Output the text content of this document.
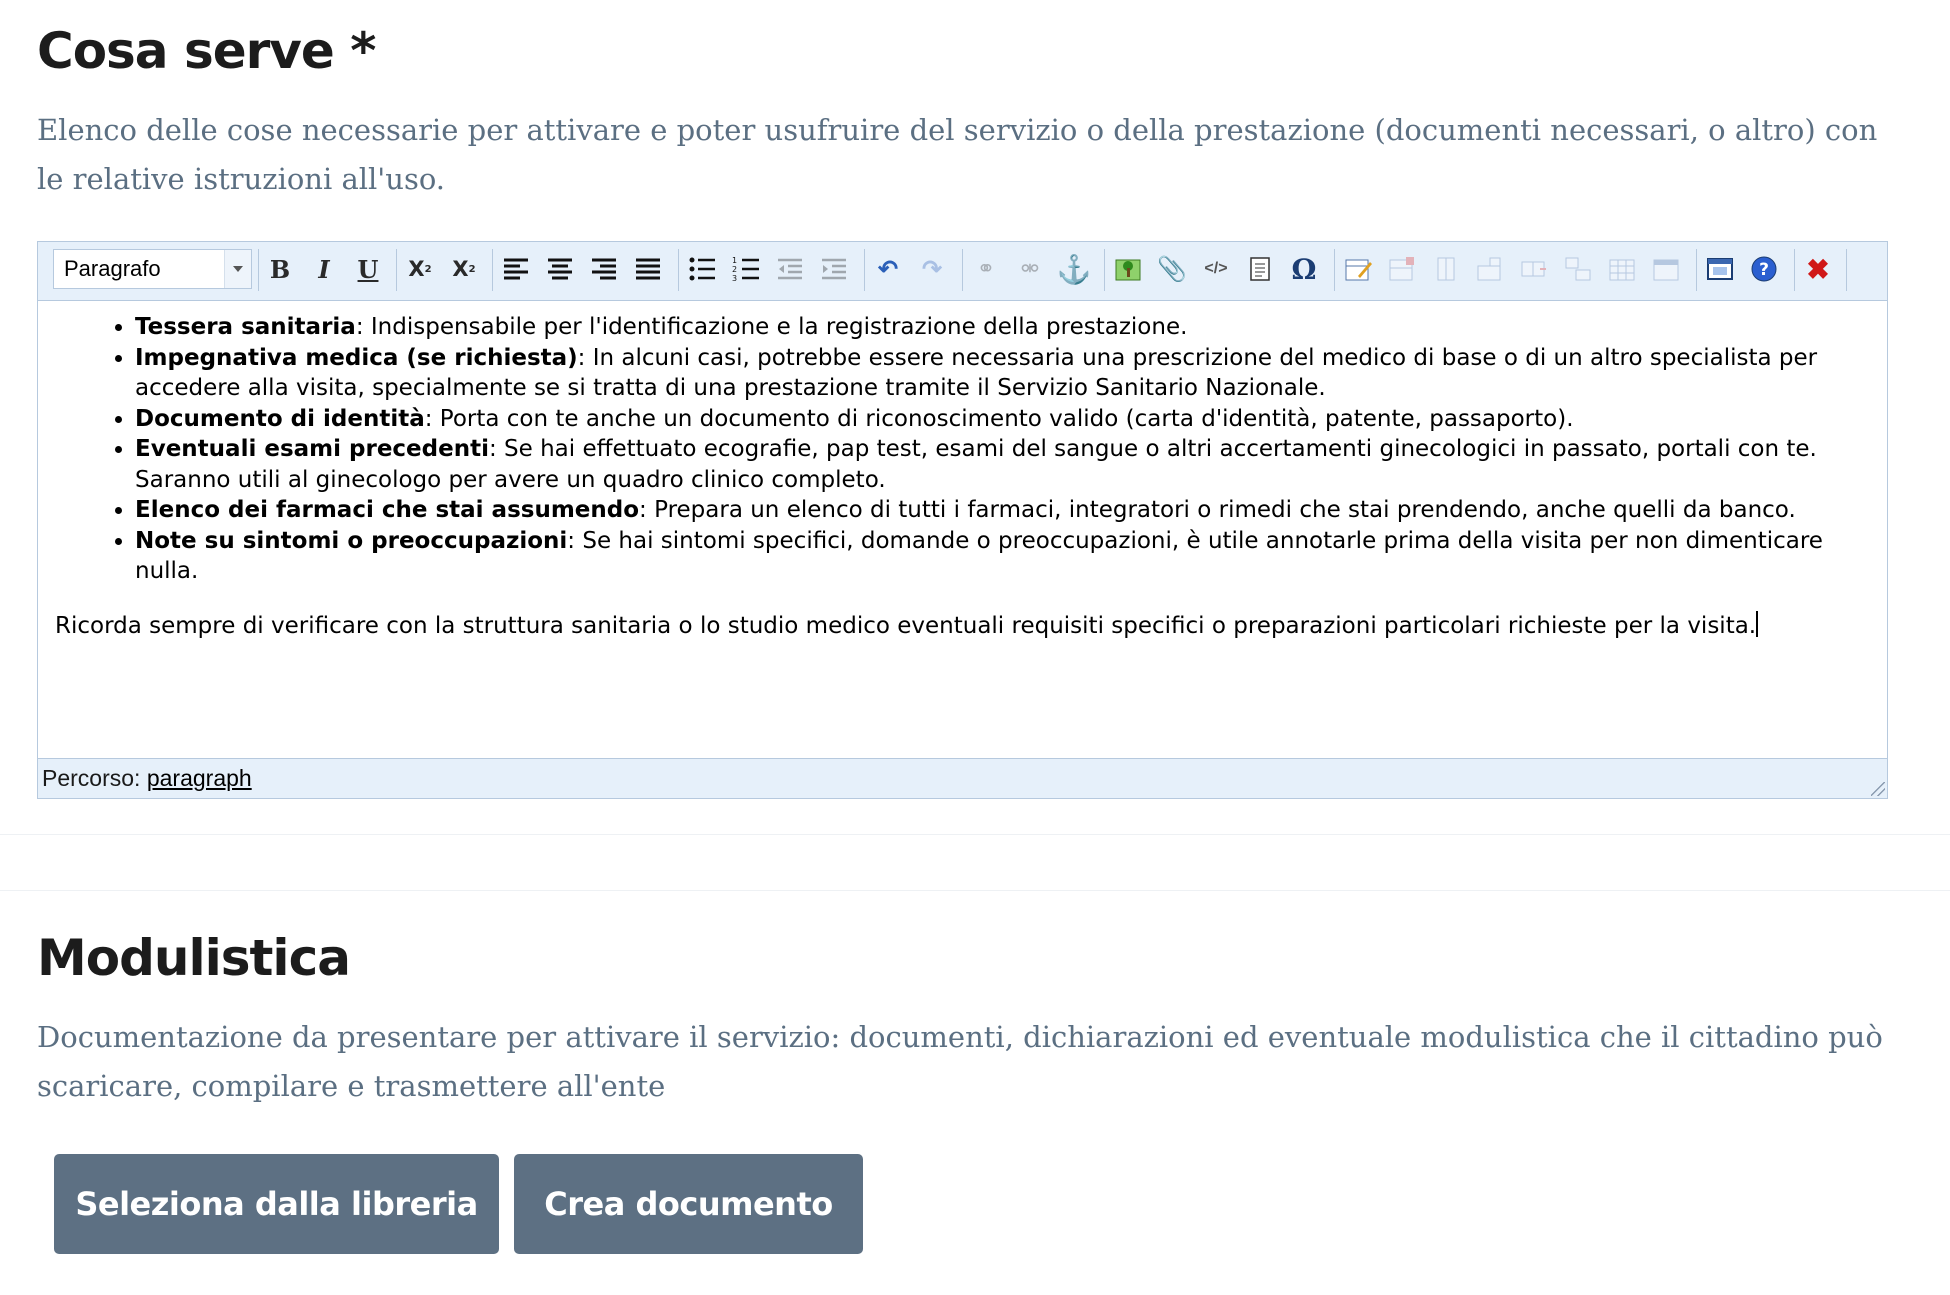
Cosa serve *

Elenco delle cose necessarie per attivare e poter usufruire del servizio o della prestazione (documenti necessari, o altro) con le relative istruzioni all'uso.

Paragrafo	B	I	U	X 2 X 2
1
2
3	↶ ↷	⚭	⚮ ⚓	📎	</> Ω	? ✖
• Tessera sanitaria: Indispensabile per l'identificazione e la registrazione della prestazione.
• Impegnativa medica (se richiesta): In alcuni casi, potrebbe essere necessaria una prescrizione del medico di base o di un altro specialista per accedere alla visita, specialmente se si tratta di una prestazione tramite il Servizio Sanitario Nazionale.
• Documento di identità: Porta con te anche un documento di riconoscimento valido (carta d'identità, patente, passaporto).
• Eventuali esami precedenti: Se hai effettuato ecografie, pap test, esami del sangue o altri accertamenti ginecologici in passato, portali con te. Saranno utili al ginecologo per avere un quadro clinico completo.
• Elenco dei farmaci che stai assumendo: Prepara un elenco di tutti i farmaci, integratori o rimedi che stai prendendo, anche quelli da banco.
• Note su sintomi o preoccupazioni: Se hai sintomi specifici, domande o preoccupazioni, è utile annotarle prima della visita per non dimenticare nulla.

Ricorda sempre di verificare con la struttura sanitaria o lo studio medico eventuali requisiti specifici o preparazioni particolari richieste per la visita.

Percorso: paragraph
Modulistica

Documentazione da presentare per attivare il servizio: documenti, dichiarazioni ed eventuale modulistica che il cittadino può scaricare, compilare e trasmettere all'ente

Seleziona dalla libreria	Crea documento
